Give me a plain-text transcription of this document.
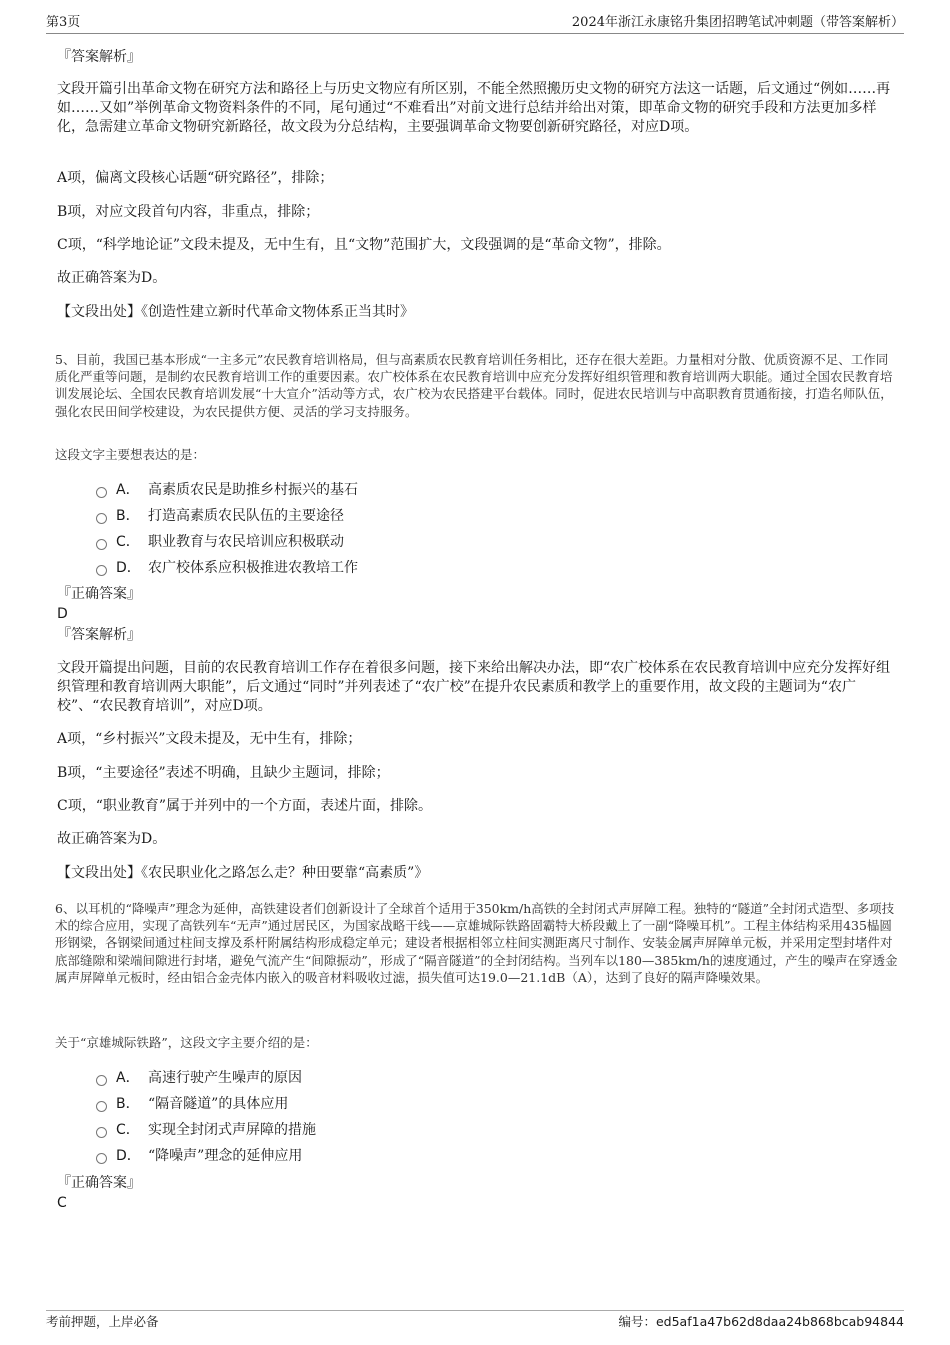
第3页	2024年浙江永康铭升集团招聘笔试冲刺题（带答案解析）
『答案解析』
文段开篇引出革命文物在研究方法和路径上与历史文物应有所区别，不能全然照搬历史文物的研究方法这一话题，后文通过“例如……再如……又如”举例革命文物资料条件的不同，尾句通过“不难看出”对前文进行总结并给出对策，即革命文物的研究手段和方法更加多样化，急需建立革命文物研究新路径，故文段为分总结构，主要强调革命文物要创新研究路径，对应D项。
A项，偏离文段核心话题“研究路径”，排除；
B项，对应文段首句内容，非重点，排除；
C项，“科学地论证”文段未提及，无中生有，且“文物”范围扩大，文段强调的是“革命文物”，排除。
故正确答案为D。
【文段出处】《创造性建立新时代革命文物体系正当其时》
5、目前，我国已基本形成“一主多元”农民教育培训格局，但与高素质农民教育培训任务相比，还存在很大差距。力量相对分散、优质资源不足、工作同质化严重等问题，是制约农民教育培训工作的重要因素。农广校体系在农民教育培训中应充分发挥好组织管理和教育培训两大职能。通过全国农民教育培训发展论坛、全国农民教育培训发展“十大宣介”活动等方式，农广校为农民搭建平台载体。同时，促进农民培训与中高职教育贯通衔接，打造名师队伍，强化农民田间学校建设，为农民提供方便、灵活的学习支持服务。
这段文字主要想表达的是：
A． 高素质农民是助推乡村振兴的基石
B． 打造高素质农民队伍的主要途径
C． 职业教育与农民培训应积极联动
D． 农广校体系应积极推进农教培工作
『正确答案』
D
『答案解析』
文段开篇提出问题，目前的农民教育培训工作存在着很多问题，接下来给出解决办法，即“农广校体系在农民教育培训中应充分发挥好组织管理和教育培训两大职能”，后文通过“同时”并列表述了“农广校”在提升农民素质和教学上的重要作用，故文段的主题词为“农广校”、“农民教育培训”，对应D项。
A项，“乡村振兴”文段未提及，无中生有，排除；
B项，“主要途径”表述不明确，且缺少主题词，排除；
C项，“职业教育”属于并列中的一个方面，表述片面，排除。
故正确答案为D。
【文段出处】《农民职业化之路怎么走？种田要靠“高素质”》
6、以耳机的“降噪声”理念为延伸，高铁建设者们创新设计了全球首个适用于350km/h高铁的全封闭式声屏障工程。独特的“隧道”全封闭式造型、多项技术的综合应用，实现了高铁列车“无声”通过居民区，为国家战略干线——京雄城际铁路固霸特大桥段戴上了一副“降噪耳机”。工程主体结构采用435榀圆形钢梁，各钢梁间通过柱间支撑及系杆附属结构形成稳定单元；建设者根据相邻立柱间实测距离尺寸制作、安装金属声屏障单元板，并采用定型封堵件对底部缝隙和梁端间隙进行封堵，避免气流产生“间隙振动”，形成了“隔音隧道”的全封闭结构。当列车以180—385km/h的速度通过，产生的噪声在穿透金属声屏障单元板时，经由铝合金壳体内嵌入的吸音材料吸收过滤，损失值可达19.0—21.1dB（A），达到了良好的隔声降噪效果。
关于“京雄城际铁路”，这段文字主要介绍的是：
A． 高速行驶产生噪声的原因
B． “隔音隧道”的具体应用
C． 实现全封闭式声屏障的措施
D． “降噪声”理念的延伸应用
『正确答案』
C
考前押题，上岸必备	编号：ed5af1a47b62d8daa24b868bcab94844
